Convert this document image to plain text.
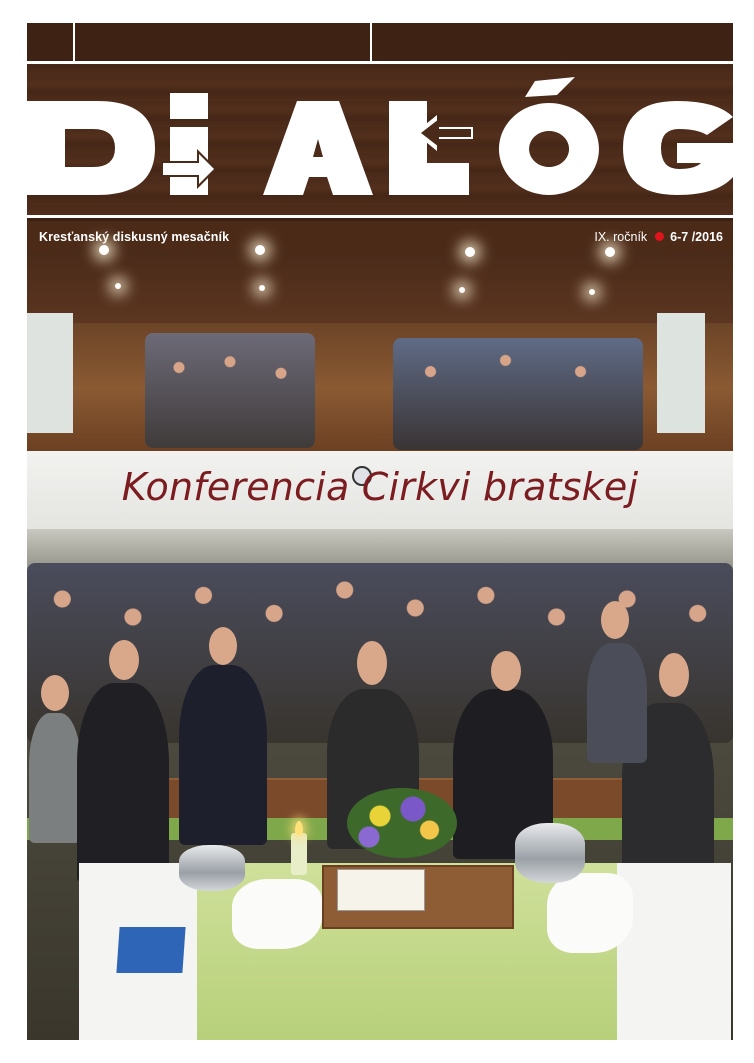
Kresťanský diskusný mesačník	IX. ročník 6-7 /2016
Konferencia Cirkvi bratskej
